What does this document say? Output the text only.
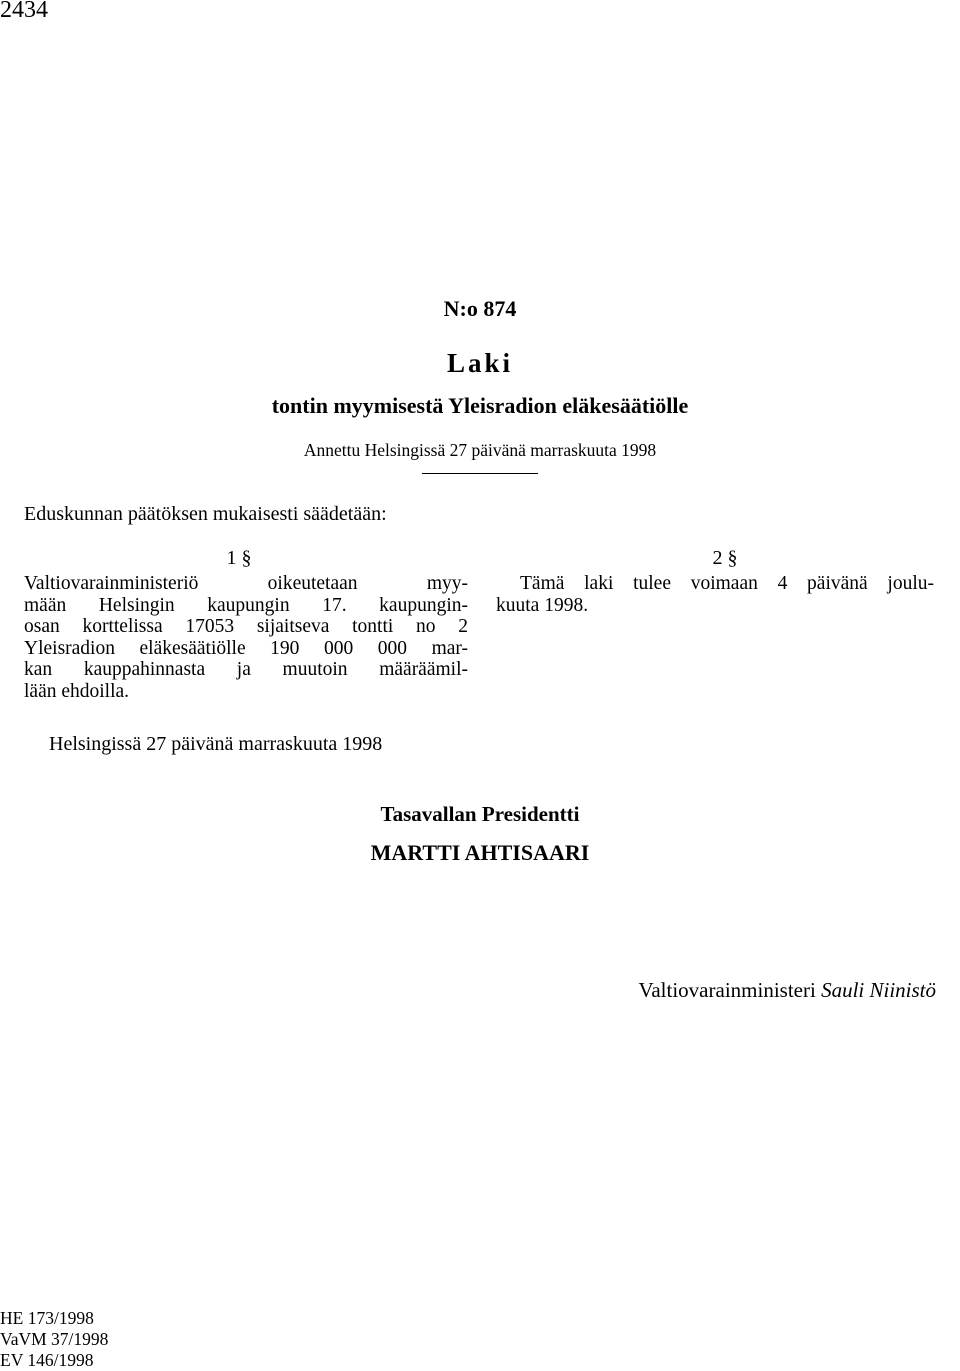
2434
N:o 874
Laki
tontin myymisestä Yleisradion eläkesäätiölle
Annettu Helsingissä 27 päivänä marraskuuta 1998
Eduskunnan päätöksen mukaisesti säädetään:
1 §
Valtiovarainministeriö oikeutetaan myy-
mään Helsingin kaupungin 17. kaupungin-
osan korttelissa 17053 sijaitseva tontti no 2
Yleisradion eläkesäätiölle 190 000 000 mar-
kan kauppahinnasta ja muutoin määräämil-
lään ehdoilla.
2 §
Tämä laki tulee voimaan 4 päivänä joulu-
kuuta 1998.
Helsingissä 27 päivänä marraskuuta 1998
Tasavallan Presidentti
MARTTI AHTISAARI
Valtiovarainministeri Sauli Niinistö
HE 173/1998
VaVM 37/1998
EV 146/1998
